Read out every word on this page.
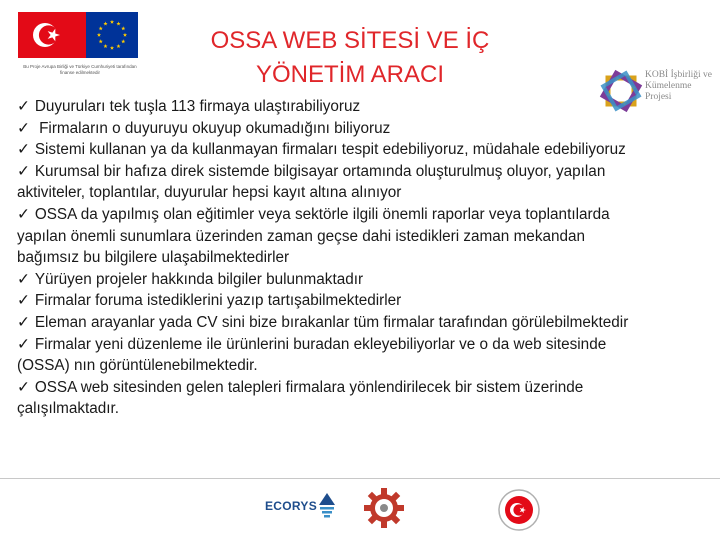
Bu Proje Avrupa Birliği ve Türkiye Cumhuriyeti tarafından finanse edilmektedir
OSSA WEB SİTESİ VE İÇ
YÖNETİM ARACI	KOBİ İşbirliği ve Kümelenme Projesi

✓ Duyuruları tek tuşla 113 firmaya ulaştırabiliyoruz

✓ Firmaların o duyuruyu okuyup okumadığını biliyoruz

✓ Sistemi kullanan ya da kullanmayan firmaları tespit edebiliyoruz, müdahale edebiliyoruz

✓ Kurumsal bir hafıza direk sistemde bilgisayar ortamında oluşturulmuş oluyor, yapılan aktiviteler, toplantılar, duyurular hepsi kayıt altına alınıyor

✓ OSSA da yapılmış olan eğitimler veya sektörle ilgili önemli raporlar veya toplantılarda yapılan önemli sunumlara üzerinden zaman geçse dahi istedikleri zaman mekandan bağımsız bu bilgilere ulaşabilmektedirler

✓ Yürüyen projeler hakkında bilgiler bulunmaktadır

✓ Firmalar foruma istediklerini yazıp tartışabilmektedirler

✓ Eleman arayanlar yada CV sini bize bırakanlar tüm firmalar tarafından görülebilmektedir

✓ Firmalar yeni düzenleme ile ürünlerini buradan ekleyebiliyorlar ve o da web sitesinde (OSSA) nın görüntülenebilmektedir.

✓ OSSA web sitesinden gelen talepleri firmalara yönlendirilecek bir sistem üzerinde çalışılmaktadır.

ECORYS
